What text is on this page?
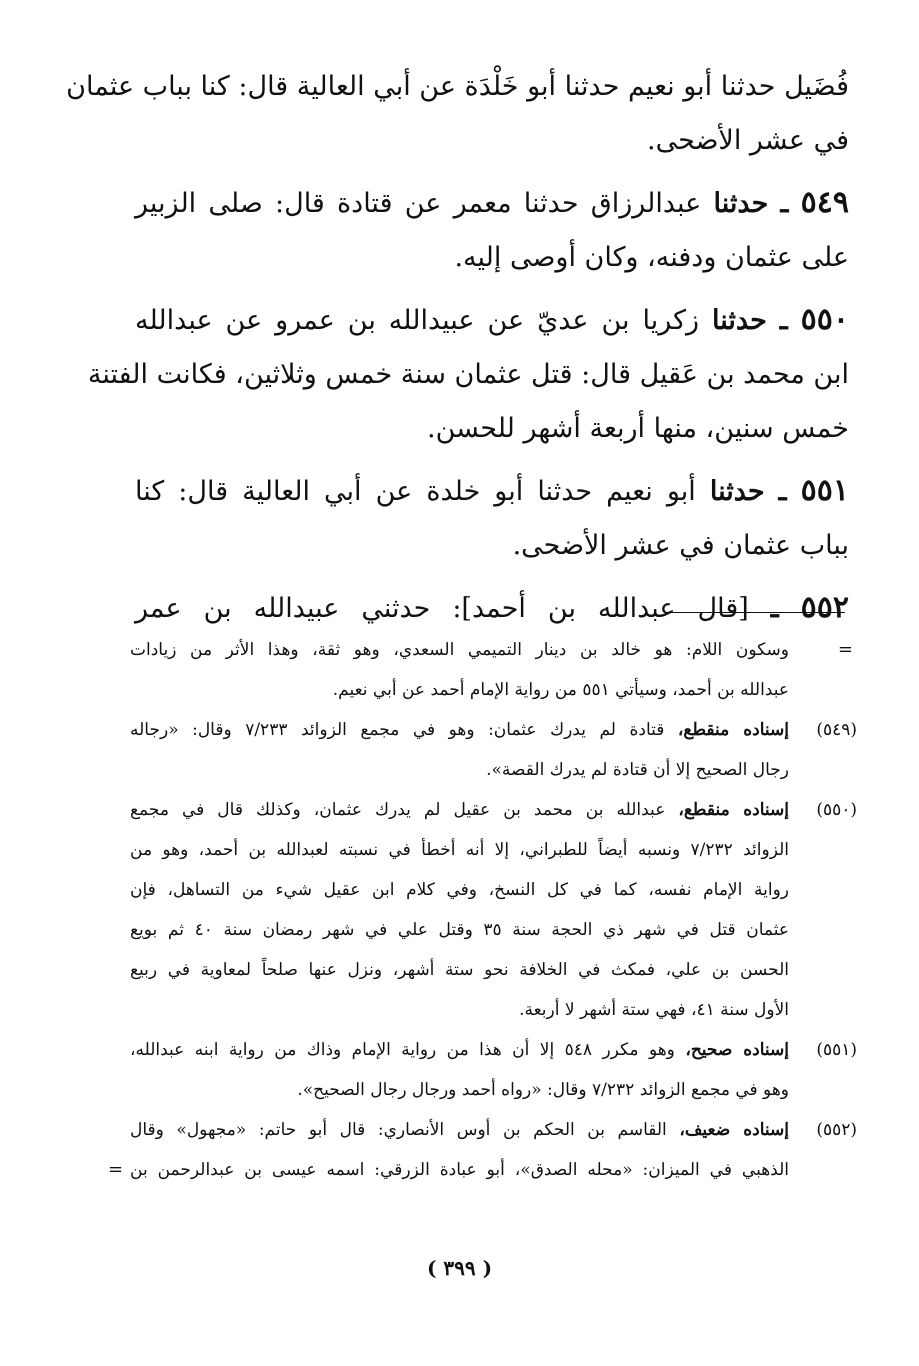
فُضَيل حدثنا أبو نعيم حدثنا أبو خَلْدَة عن أبي العالية قال: كنا بباب عثمان
في عشر الأضحى.
٥٤٩ ـ حدثنا عبدالرزاق حدثنا معمر عن قتادة قال: صلى الزبير
على عثمان ودفنه، وكان أوصى إليه.
٥٥٠ ـ حدثنا زكريا بن عديّ عن عبيدالله بن عمرو عن عبدالله
ابن محمد بن عَقيل قال: قتل عثمان سنة خمس وثلاثين، فكانت الفتنة
خمس سنين، منها أربعة أشهر للحسن.
٥٥١ ـ حدثنا أبو نعيم حدثنا أبو خلدة عن أبي العالية قال: كنا
بباب عثمان في عشر الأضحى.
٥٥٢ ـ [قال عبدالله بن أحمد]: حدثني عبيدالله بن عمر
=
وسكون اللام: هو خالد بن دينار التميمي السعدي، وهو ثقة، وهذا الأثر من زيادات
عبدالله بن أحمد، وسيأتي ٥٥١ من رواية الإمام أحمد عن أبي نعيم.
(٥٤٩)
إسناده منقطع، قتادة لم يدرك عثمان: وهو في مجمع الزوائد ٧/٢٣٣ وقال: «رجاله
رجال الصحيح إلا أن قتادة لم يدرك القصة».
(٥٥٠)
إسناده منقطع، عبدالله بن محمد بن عقيل لم يدرك عثمان، وكذلك قال في مجمع
الزوائد ٧/٢٣٢ ونسبه أيضاً للطبراني، إلا أنه أخطأ في نسبته لعبدالله بن أحمد، وهو من
رواية الإمام نفسه، كما في كل النسخ، وفي كلام ابن عقيل شيء من التساهل، فإن
عثمان قتل في شهر ذي الحجة سنة ٣٥ وقتل علي في شهر رمضان سنة ٤٠ ثم بويع
الحسن بن علي، فمكث في الخلافة نحو ستة أشهر، ونزل عنها صلحاً لمعاوية في ربيع
الأول سنة ٤١، فهي ستة أشهر لا أربعة.
(٥٥١)
إسناده صحيح، وهو مكرر ٥٤٨ إلا أن هذا من رواية الإمام وذاك من رواية ابنه عبدالله،
وهو في مجمع الزوائد ٧/٢٣٢ وقال: «رواه أحمد ورجال رجال الصحيح».
(٥٥٢)
إسناده ضعيف، القاسم بن الحكم بن أوس الأنصاري: قال أبو حاتم: «مجهول» وقال
الذهبي في الميزان: «محله الصدق»، أبو عبادة الزرقي: اسمه عيسى بن عبدالرحمن بن
=
( ٣٩٩ )
